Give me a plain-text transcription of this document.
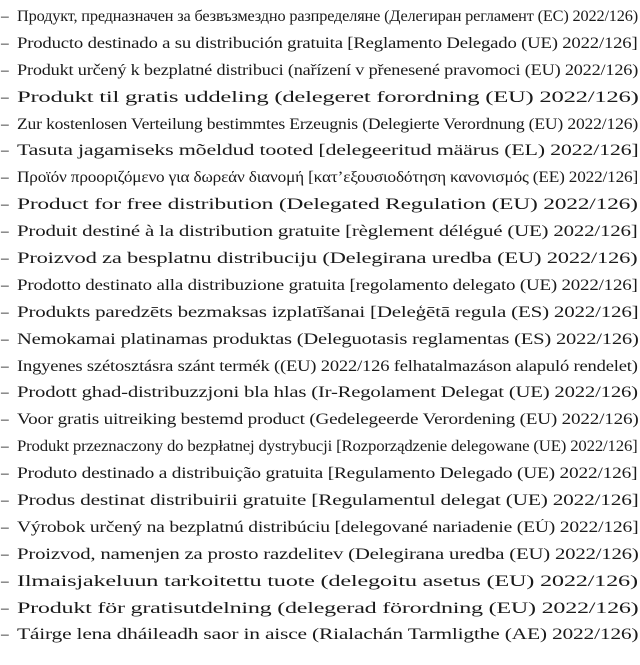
– Продукт, предназначен за безвъзмездно разпределяне (Делегиран регламент (ЕС) 2022/126)
– Producto destinado a su distribución gratuita [Reglamento Delegado (UE) 2022/126]
– Produkt určený k bezplatné distribuci (nařízení v přenesené pravomoci (EU) 2022/126)
– Produkt til gratis uddeling (delegeret forordning (EU) 2022/126)
– Zur kostenlosen Verteilung bestimmtes Erzeugnis (Delegierte Verordnung (EU) 2022/126)
– Tasuta jagamiseks mõeldud tooted [delegeeritud määrus (EL) 2022/126]
– Προϊόν προοριζόμενο για δωρεάν διανομή [κατ’εξουσιοδότηση κανονισμός (ΕΕ) 2022/126]
– Product for free distribution (Delegated Regulation (EU) 2022/126)
– Produit destiné à la distribution gratuite [règlement délégué (UE) 2022/126]
– Proizvod za besplatnu distribuciju (Delegirana uredba (EU) 2022/126)
– Prodotto destinato alla distribuzione gratuita [regolamento delegato (UE) 2022/126]
– Produkts paredzēts bezmaksas izplatīšanai [Deleģētā regula (ES) 2022/126]
– Nemokamai platinamas produktas (Deleguotasis reglamentas (ES) 2022/126)
– Ingyenes szétosztásra szánt termék ((EU) 2022/126 felhatalmazáson alapuló rendelet)
– Prodott ghad-distribuzzjoni bla hlas (Ir-Regolament Delegat (UE) 2022/126)
– Voor gratis uitreiking bestemd product (Gedelegeerde Verordening (EU) 2022/126)
– Produkt przeznaczony do bezpłatnej dystrybucji [Rozporządzenie delegowane (UE) 2022/126]
– Produto destinado a distribuição gratuita [Regulamento Delegado (UE) 2022/126]
– Produs destinat distribuirii gratuite [Regulamentul delegat (UE) 2022/126]
– Výrobok určený na bezplatnú distribúciu [delegované nariadenie (EÚ) 2022/126]
– Proizvod, namenjen za prosto razdelitev (Delegirana uredba (EU) 2022/126)
– Ilmaisjakeluun tarkoitettu tuote (delegoitu asetus (EU) 2022/126)
– Produkt för gratisutdelning (delegerad förordning (EU) 2022/126)
– Táirge lena dháileadh saor in aisce (Rialachán Tarmligthe (AE) 2022/126)
